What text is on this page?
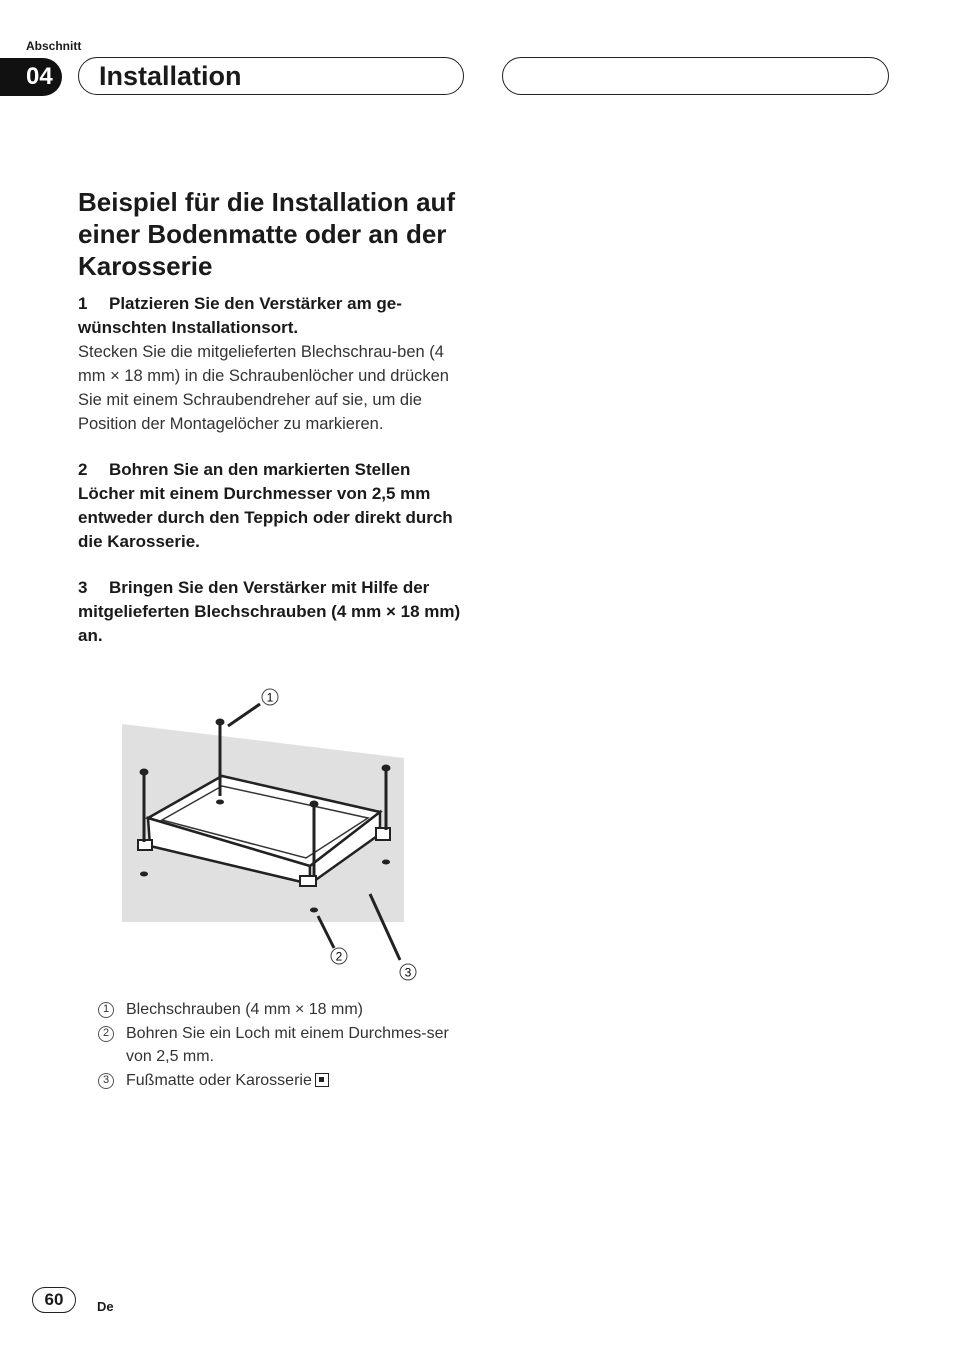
Abschnitt
04	Installation
Beispiel für die Installation auf einer Bodenmatte oder an der Karosserie

1 Platzieren Sie den Verstärker am ge-wünschten Installationsort.

Stecken Sie die mitgelieferten Blechschrau-ben (4 mm × 18 mm) in die Schraubenlöcher und drücken Sie mit einem Schraubendreher auf sie, um die Position der Montagelöcher zu markieren.

2 Bohren Sie an den markierten Stellen Löcher mit einem Durchmesser von 2,5 mm entweder durch den Teppich oder direkt durch die Karosserie.

3 Bringen Sie den Verstärker mit Hilfe der mitgelieferten Blechschrauben (4 mm × 18 mm) an.

1
2
3
1	Blechschrauben (4 mm × 18 mm)
2	Bohren Sie ein Loch mit einem Durchmes-ser von 2,5 mm.
3	Fußmatte oder Karosserie
60	De
